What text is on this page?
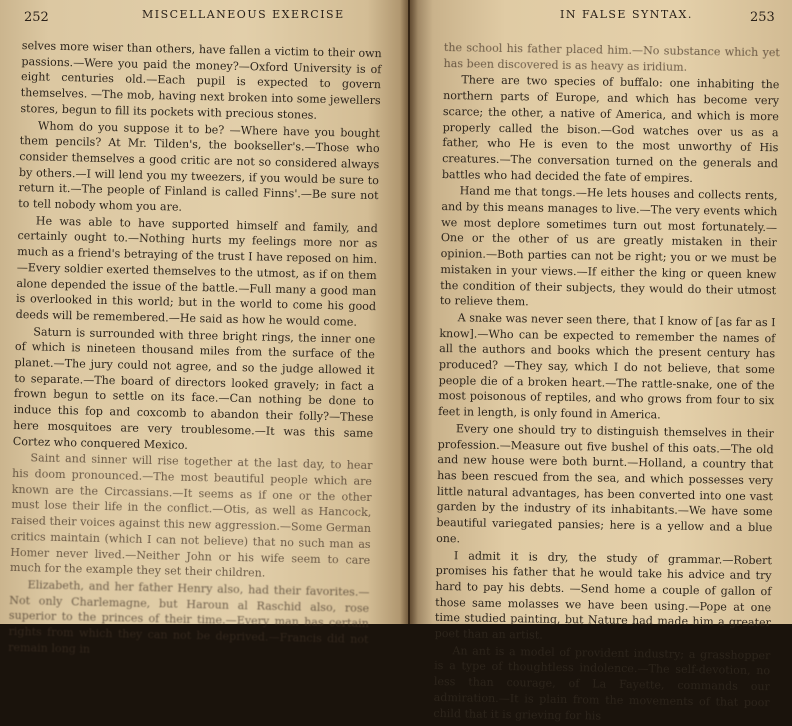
252	MISCELLANEOUS EXERCISE

selves more wiser than others, have fallen a victim to their own passions.—Were you paid the money?—Oxford University is of eight centuries old.—Each pupil is expected to govern themselves. —The mob, having next broken into some jewellers stores, begun to fill its pockets with precious stones.

Whom do you suppose it to be? —Where have you bought them pencils? At Mr. Tilden's, the bookseller's.—Those who consider themselves a good critic are not so considered always by others.—I will lend you my tweezers, if you would be sure to return it.—The people of Finland is called Finns'.—Be sure not to tell nobody whom you are.

He was able to have supported himself and family, and certainly ought to.—Nothing hurts my feelings more nor as much as a friend's betraying of the trust I have reposed on him.—Every soldier exerted themselves to the utmost, as if on them alone depended the issue of the battle.—Full many a good man is overlooked in this world; but in the world to come his good deeds will be remembered.—He said as how he would come.

Saturn is surrounded with three bright rings, the inner one of which is nineteen thousand miles from the surface of the planet.—The jury could not agree, and so the judge allowed it to separate.—The board of directors looked gravely; in fact a frown begun to settle on its face.—Can nothing be done to induce this fop and coxcomb to abandon their folly?—These here mosquitoes are very troublesome.—It was this same Cortez who conquered Mexico.

Saint and sinner will rise together at the last day, to hear his doom pronounced.—The most beautiful people which are known are the Circassians.—It seems as if one or the other must lose their life in the conflict.—Otis, as well as Hancock, raised their voices against this new aggression.—Some German critics maintain (which I can not believe) that no such man as Homer never lived.—Neither John or his wife seem to care much for the example they set their children.

Elizabeth, and her father Henry also, had their favorites.—Not only Charlemagne, but Haroun al Raschid also, rose superior to the princes of their time.—Every man has certain rights from which they can not be deprived.—Francis did not remain long in

IN FALSE SYNTAX.	253

the school his father placed him.—No substance which yet has been discovered is as heavy as iridium.

There are two species of buffalo: one inhabiting the northern parts of Europe, and which has become very scarce; the other, a native of America, and which is more properly called the bison.—God watches over us as a father, who He is even to the most unworthy of His creatures.—The conversation turned on the generals and battles who had decided the fate of empires.

Hand me that tongs.—He lets houses and collects rents, and by this means manages to live.—The very events which we most deplore sometimes turn out most fortunately.—One or the other of us are greatly mistaken in their opinion.—Both parties can not be right; you or we must be mistaken in your views.—If either the king or queen knew the condition of their subjects, they would do their utmost to relieve them.

A snake was never seen there, that I know of [as far as I know].—Who can be expected to remember the names of all the authors and books which the present century has produced? —They say, which I do not believe, that some people die of a broken heart.—The rattle-snake, one of the most poisonous of reptiles, and who grows from four to six feet in length, is only found in America.

Every one should try to distinguish themselves in their profession.—Measure out five bushel of this oats.—The old and new house were both burnt.—Holland, a country that has been rescued from the sea, and which possesses very little natural advantages, has been converted into one vast garden by the industry of its inhabitants.—We have some beautiful variegated pansies; here is a yellow and a blue one.

I admit it is dry, the study of grammar.—Robert promises his father that he would take his advice and try hard to pay his debts. —Send home a couple of gallon of those same molasses we have been using.—Pope at one time studied painting, but Nature had made him a greater poet than an artist.

An ant is a model of provident industry; a grasshopper is a type of thoughtless indolence.—The self-devotion, no less than courage, of La Fayette, commands our admiration.—It is plain from the movements of that poor child that it is grieving for his
